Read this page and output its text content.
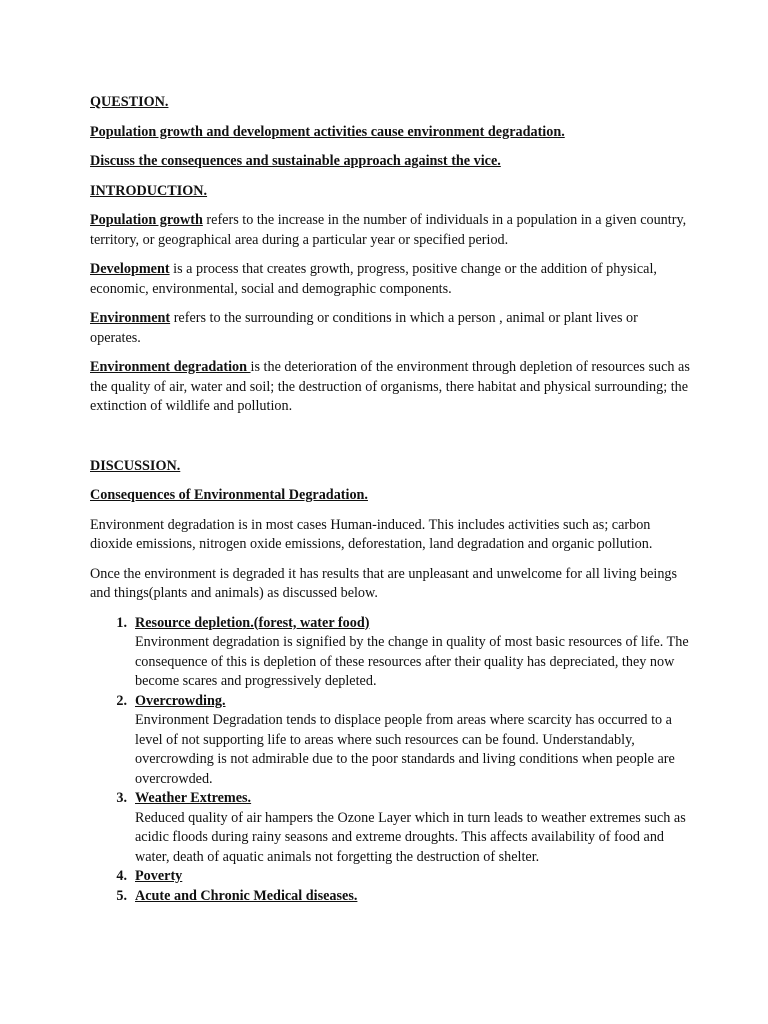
QUESTION.

Population growth and development activities cause environment degradation.

Discuss the consequences and sustainable approach against the vice.

INTRODUCTION.

Population growth refers to the increase in the number of individuals in a population in a given country, territory, or geographical area during a particular year or specified period.

Development is a process that creates growth, progress, positive change or the addition of physical, economic, environmental, social and demographic components.

Environment refers to the surrounding or conditions in which a person , animal or plant lives or operates.

Environment degradation is the deterioration of the environment through depletion of resources such as the quality of air, water and soil; the destruction of organisms, there habitat and physical surrounding; the extinction of wildlife and pollution.

DISCUSSION.

Consequences of Environmental Degradation.

Environment degradation is in most cases Human-induced. This includes activities such as; carbon dioxide emissions, nitrogen oxide emissions, deforestation, land degradation and organic pollution.

Once the environment is degraded it has results that are unpleasant and unwelcome for all living beings and things(plants and animals) as discussed below.

1. Resource depletion.(forest, water food)
Environment degradation is signified by the change in quality of most basic resources of life. The consequence of this is depletion of these resources after their quality has depreciated, they now become scares and progressively depleted.
2. Overcrowding.
Environment Degradation tends to displace people from areas where scarcity has occurred to a level of not supporting life to areas where such resources can be found. Understandably, overcrowding is not admirable due to the poor standards and living conditions when people are overcrowded.
3. Weather Extremes.
Reduced quality of air hampers the Ozone Layer which in turn leads to weather extremes such as acidic floods during rainy seasons and extreme droughts. This affects availability of food and water, death of aquatic animals not forgetting the destruction of shelter.
4. Poverty
5. Acute and Chronic Medical diseases.
